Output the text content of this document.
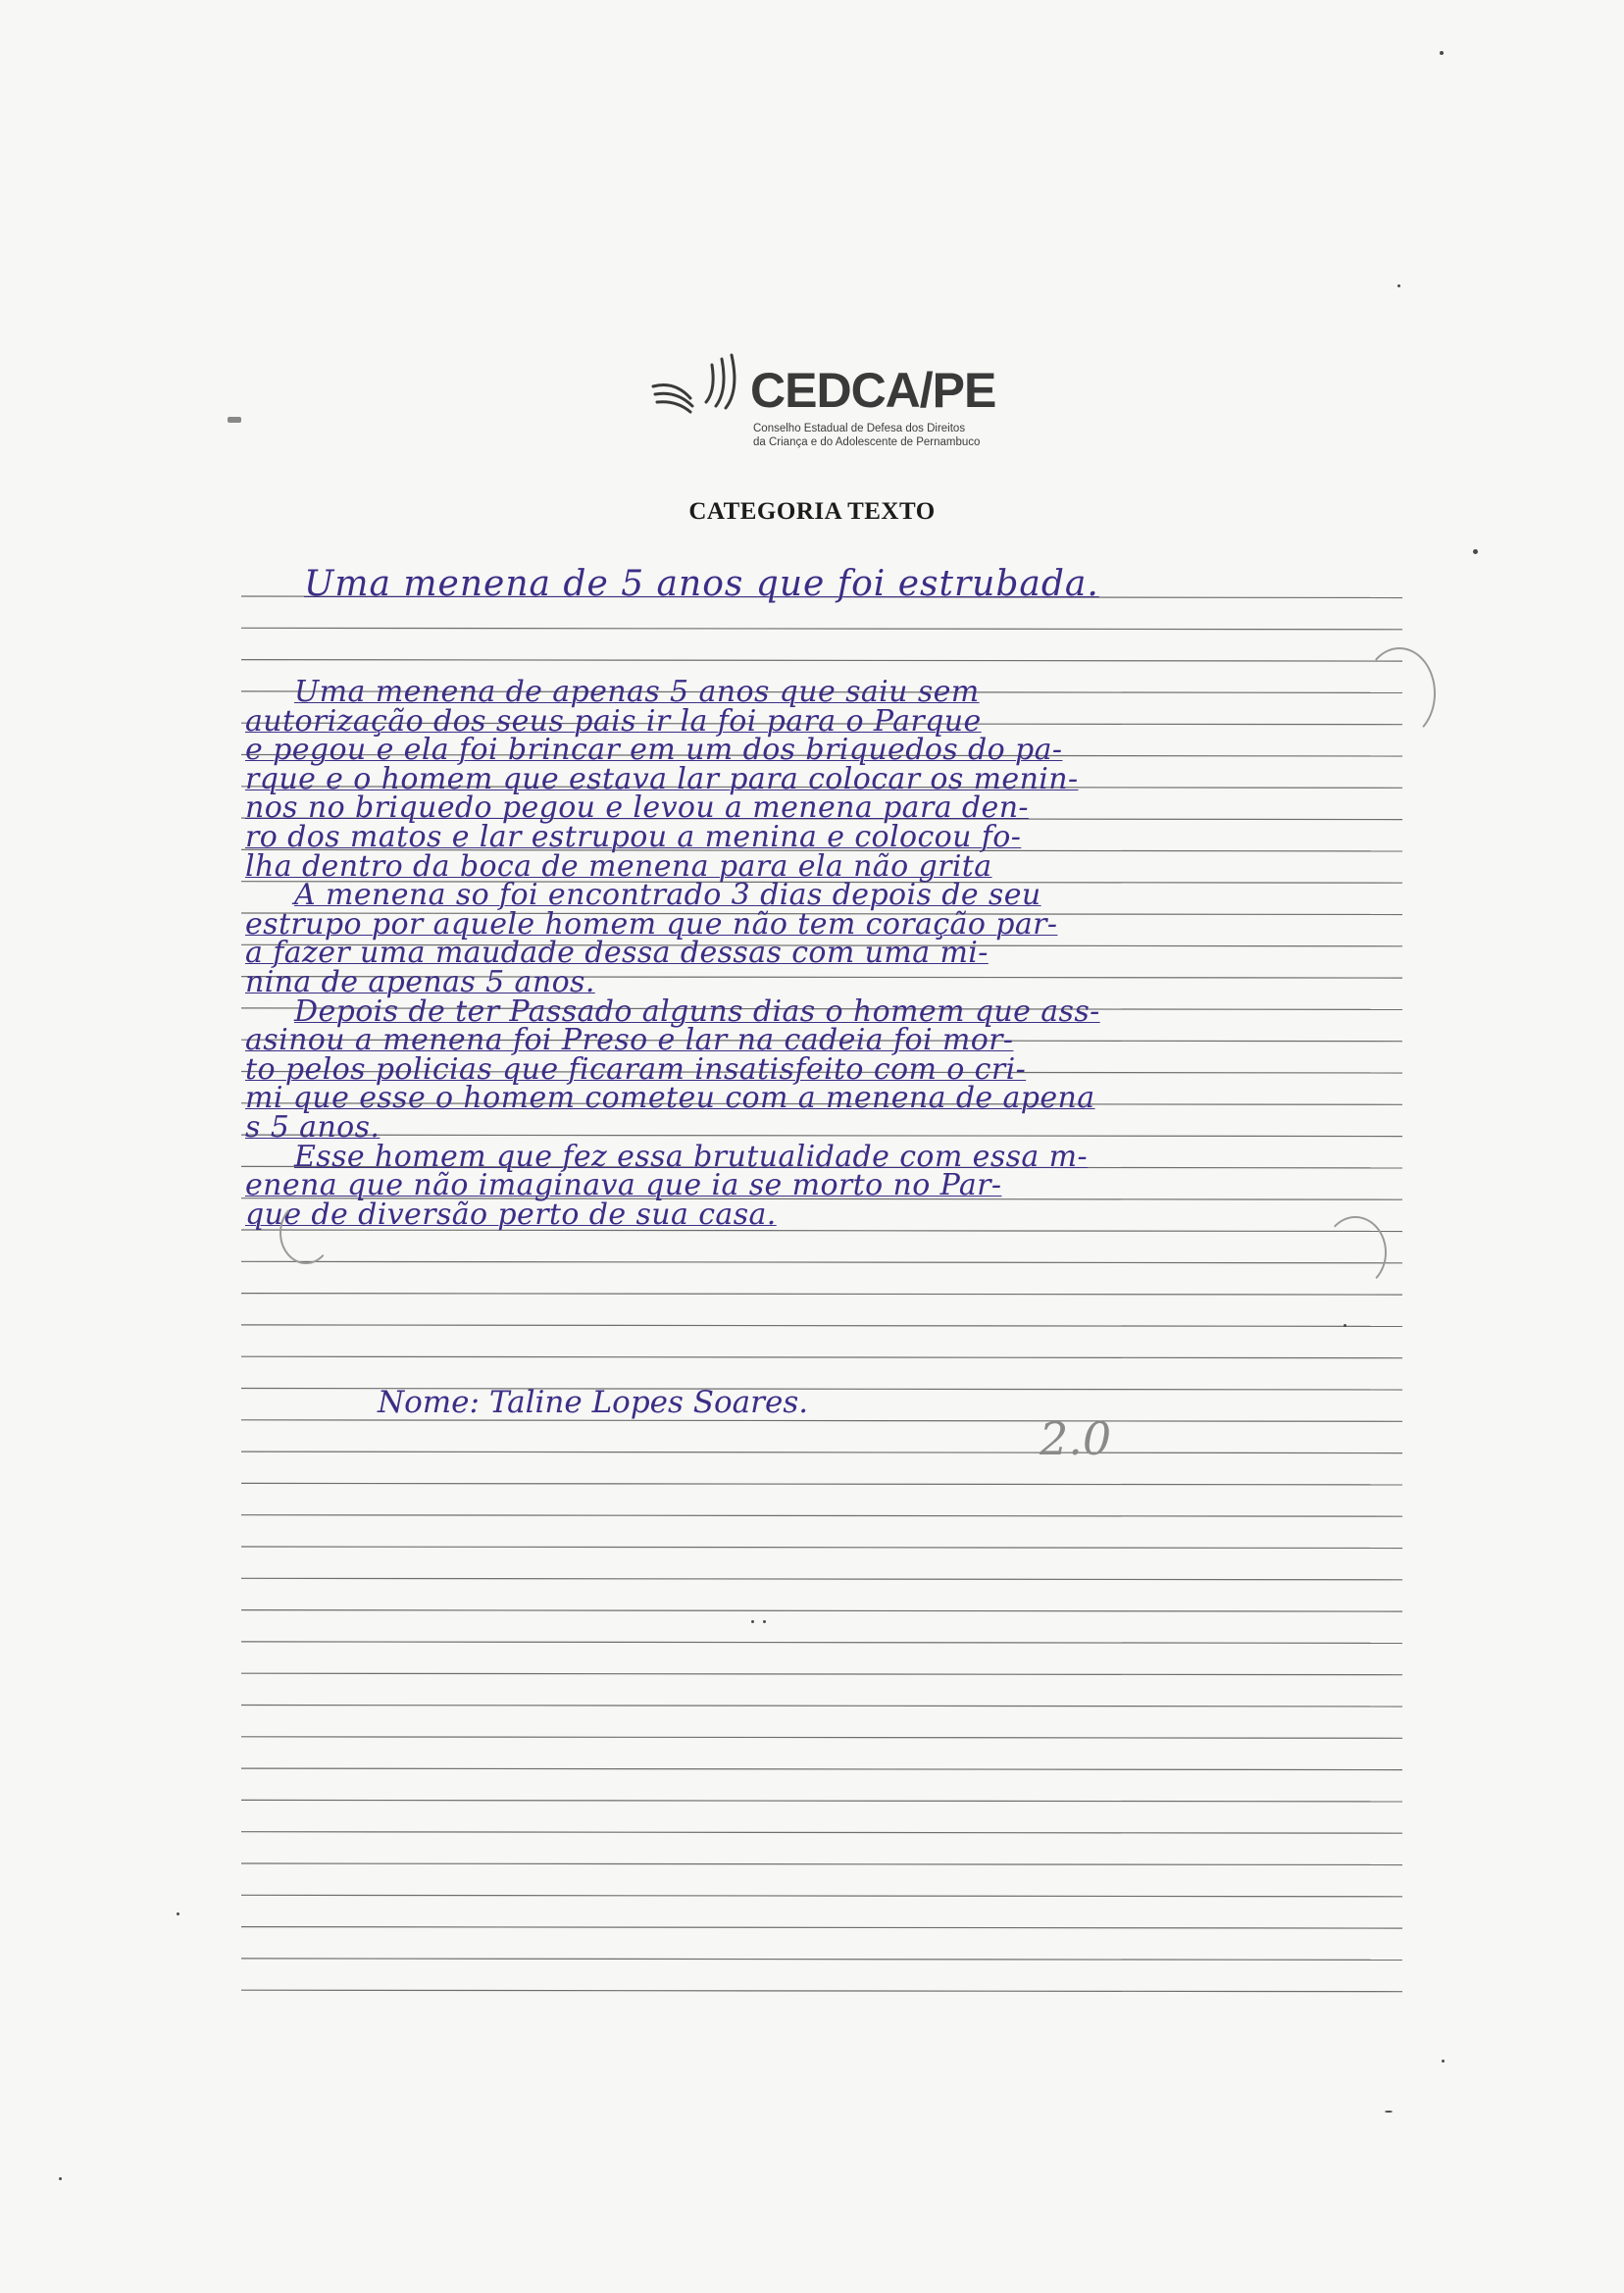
CEDCA/PE
Conselho Estadual de Defesa dos Direitos
da Criança e do Adolescente de Pernambuco
CATEGORIA TEXTO
Uma menena de 5 anos que foi estrubada.
Uma menena de apenas 5 anos que saiu sem
autorização dos seus pais ir la foi para o Parque
e pegou e ela foi brincar em um dos briquedos do pa-
rque e o homem que estava lar para colocar os menin-
nos no briquedo pegou e levou a menena para den-
ro dos matos e lar estrupou a menina e colocou fo-
lha dentro da boca de menena para ela não grita
A menena so foi encontrado 3 dias depois de seu
estrupo por aquele homem que não tem coração par-
a fazer uma maudade dessa dessas com uma mi-
nina de apenas 5 anos.
Depois de ter Passado alguns dias o homem que ass-
asinou a menena foi Preso e lar na cadeia foi mor-
to pelos policias que ficaram insatisfeito com o cri-
mi que esse o homem cometeu com a menena de apena
s 5 anos.
Esse homem que fez essa brutualidade com essa m-
enena que não imaginava que ia se morto no Par-
que de diversão perto de sua casa.
Nome: Taline Lopes Soares.
2.0
